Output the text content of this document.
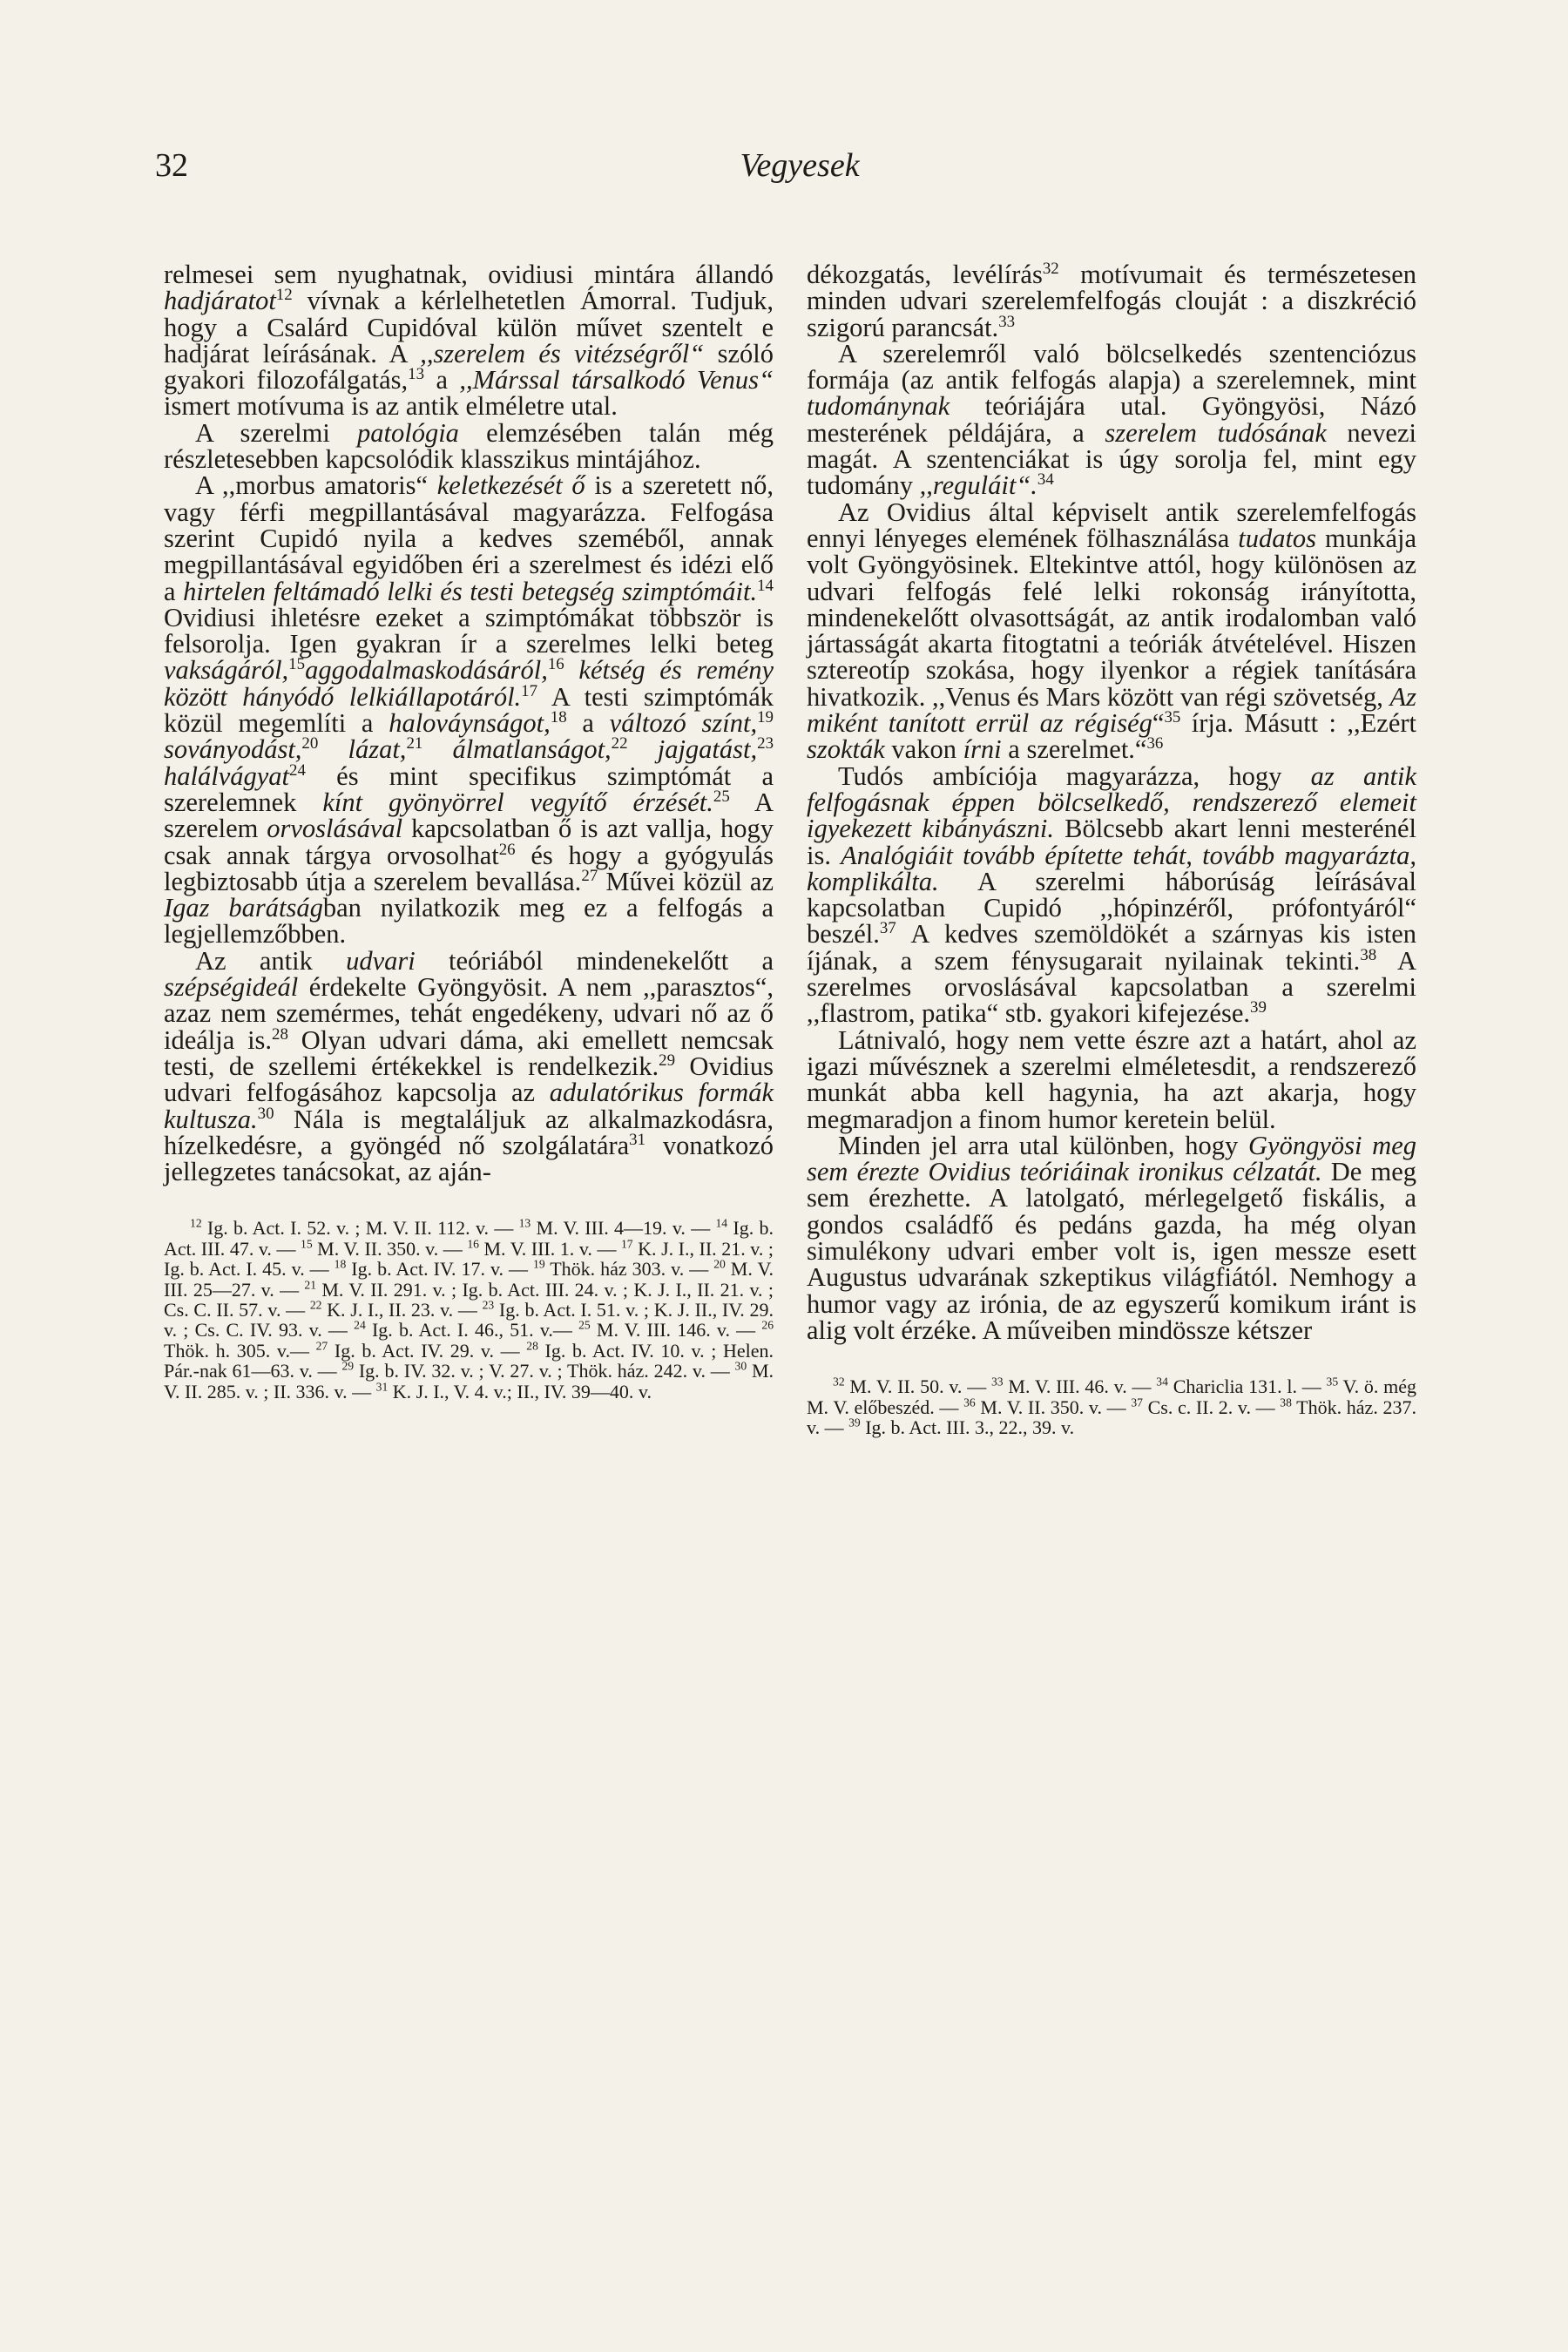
32	Vegyesek

relmesei sem nyughatnak, ovidiusi mintára állandó hadjáratot$^{12}$ vívnak a kérlelhetetlen Ámorral. Tudjuk, hogy a Csalárd Cupidóval külön művet szentelt e hadjárat leírásának. A ,,szerelem és vitézségről“ szóló gyakori filozofálgatás,$^{13}$ a ,,Márssal társalkodó Venus“ ismert motívuma is az antik elméletre utal.

A szerelmi patológia elemzésében talán még részletesebben kapcsolódik klasszikus mintájához.

A ,,morbus amatoris“ keletkezését ő is a szeretett nő, vagy férfi megpillantásával magyarázza. Felfogása szerint Cupidó nyila a kedves szeméből, annak megpillantásával egyidőben éri a szerelmest és idézi elő a hirtelen feltámadó lelki és testi betegség szimptómáit.$^{14}$ Ovidiusi ihletésre ezeket a szimptómákat többször is felsorolja. Igen gyakran ír a szerelmes lelki beteg vakságáról,$^{15}$aggodalmaskodásáról,$^{16}$ kétség és remény között hányódó lelkiállapotáról.$^{17}$ A testi szimptómák közül megemlíti a halováynságot,$^{18}$ a változó színt,$^{19}$ sovánуodást,$^{20}$ lázat,$^{21}$ álmatlanságot,$^{22}$ jajgatást,$^{23}$ halálvágyat$^{24}$ és mint specifikus szimptómát a szerelemnek kínt gyönyörrel vegyítő érzését.$^{25}$ A szerelem orvoslásával kapcsolatban ő is azt vallja, hogy csak annak tárgya orvosolhat$^{26}$ és hogy a gyógyulás legbiztosabb útja a szerelem bevallása.$^{27}$ Művei közül az Igaz barátságban nyilatkozik meg ez a felfogás a legjellemzőbben.

Az antik udvari teóriából mindenekelőtt a szépségideál érdekelte Gyöngyösit. A nem ,,parasztos“, azaz nem szemérmes, tehát engedékeny, udvari nő az ő ideálja is.$^{28}$ Olyan udvari dáma, aki emellett nemcsak testi, de szellemi értékekkel is rendelkezik.$^{29}$ Ovidius udvari felfogásához kapcsolja az adulatórikus formák kultusza.$^{30}$ Nála is megtaláljuk az alkalmazkodásra, hízelkedésre, a gyöngéd nő szolgálatára$^{31}$ vonatkozó jellegzetes tanácsokat, az aján-

$^{12}$ Ig. b. Act. I. 52. v. ; M. V. II. 112. v. — $^{13}$ M. V. III. 4—19. v. — $^{14}$ Ig. b. Act. III. 47. v. — $^{15}$ M. V. II. 350. v. — $^{16}$ M. V. III. 1. v. — $^{17}$ K. J. I., II. 21. v. ; Ig. b. Act. I. 45. v. — $^{18}$ Ig. b. Act. IV. 17. v. — $^{19}$ Thök. ház 303. v. — $^{20}$ M. V. III. 25—27. v. — $^{21}$ M. V. II. 291. v. ; Ig. b. Act. III. 24. v. ; K. J. I., II. 21. v. ; Cs. C. II. 57. v. — $^{22}$ K. J. I., II. 23. v. — $^{23}$ Ig. b. Act. I. 51. v. ; K. J. II., IV. 29. v. ; Cs. C. IV. 93. v. — $^{24}$ Ig. b. Act. I. 46., 51. v.— $^{25}$ M. V. III. 146. v. — $^{26}$ Thök. h. 305. v.— $^{27}$ Ig. b. Act. IV. 29. v. — $^{28}$ Ig. b. Act. IV. 10. v. ; Helen. Pár.-nak 61—63. v. — $^{29}$ Ig. b. IV. 32. v. ; V. 27. v. ; Thök. ház. 242. v. — $^{30}$ M. V. II. 285. v. ; II. 336. v. — $^{31}$ K. J. I., V. 4. v.; II., IV. 39—40. v.

dékozgatás, levélírás$^{32}$ motívumait és természetesen minden udvari szerelemfelfogás clouját : a diszkréció szigorú parancsát.$^{33}$

A szerelemről való bölcselkedés szentenciózus formája (az antik felfogás alapja) a szerelemnek, mint tudománynak teóriájára utal. Gyöngyösi, Názó mesterének példájára, a szerelem tudósának nevezi magát. A szentenciákat is úgy sorolja fel, mint egy tudomány ,,reguláit“.$^{34}$

Az Ovidius által képviselt antik szerelemfelfogás ennyi lényeges elemének fölhasználása tudatos munkája volt Gyöngyösinek. Eltekintve attól, hogy különösen az udvari felfogás felé lelki rokonság irányította, mindenekelőtt olvasottságát, az antik irodalomban való jártasságát akarta fitogtatni a teóriák átvételével. Hiszen sztereotíp szokása, hogy ilyenkor a régiek tanítására hivatkozik. ,,Venus és Mars között van régi szövetség, Az miként tanított errül az régiség“$^{35}$ írja. Másutt : ,,Ezért szokták vakon írni a szerelmet.“$^{36}$

Tudós ambíciója magyarázza, hogy az antik felfogásnak éppen bölcselkedő, rendszerező elemeit igyekezett kibányászni. Bölcsebb akart lenni mesterénél is. Analógiáit tovább építette tehát, tovább magyarázta, komplikálta. A szerelmi háborúság leírásával kapcsolatban Cupidó ,,hópinzéről, prófontyáról“ beszél.$^{37}$ A kedves szemöldökét a szárnyas kis isten íjának, a szem fénysugarait nyilainak tekinti.$^{38}$ A szerelmes orvoslásával kapcsolatban a szerelmi ,,flastrom, patika“ stb. gyakori kifejezése.$^{39}$

Látnivaló, hogy nem vette észre azt a határt, ahol az igazi művésznek a szerelmi elméletesdit, a rendszerező munkát abba kell hagynia, ha azt akarja, hogy megmaradjon a finom humor keretein belül.

Minden jel arra utal különben, hogy Gyöngyösi meg sem érezte Ovidius teóriáinak ironikus célzatát. De meg sem érezhette. A latolgató, mérlegelgető fiskális, a gondos családfő és pedáns gazda, ha még olyan simulékony udvari ember volt is, igen messze esett Augustus udvarának szkeptikus világfiától. Nemhogy a humor vagy az irónia, de az egyszerű komikum iránt is alig volt érzéke. A műveiben mindössze kétszer

$^{32}$ M. V. II. 50. v. — $^{33}$ M. V. III. 46. v. — $^{34}$ Chariclia 131. l. — $^{35}$ V. ö. még M. V. előbeszéd. — $^{36}$ M. V. II. 350. v. — $^{37}$ Cs. c. II. 2. v. — $^{38}$ Thök. ház. 237. v. — $^{39}$ Ig. b. Act. III. 3., 22., 39. v.
